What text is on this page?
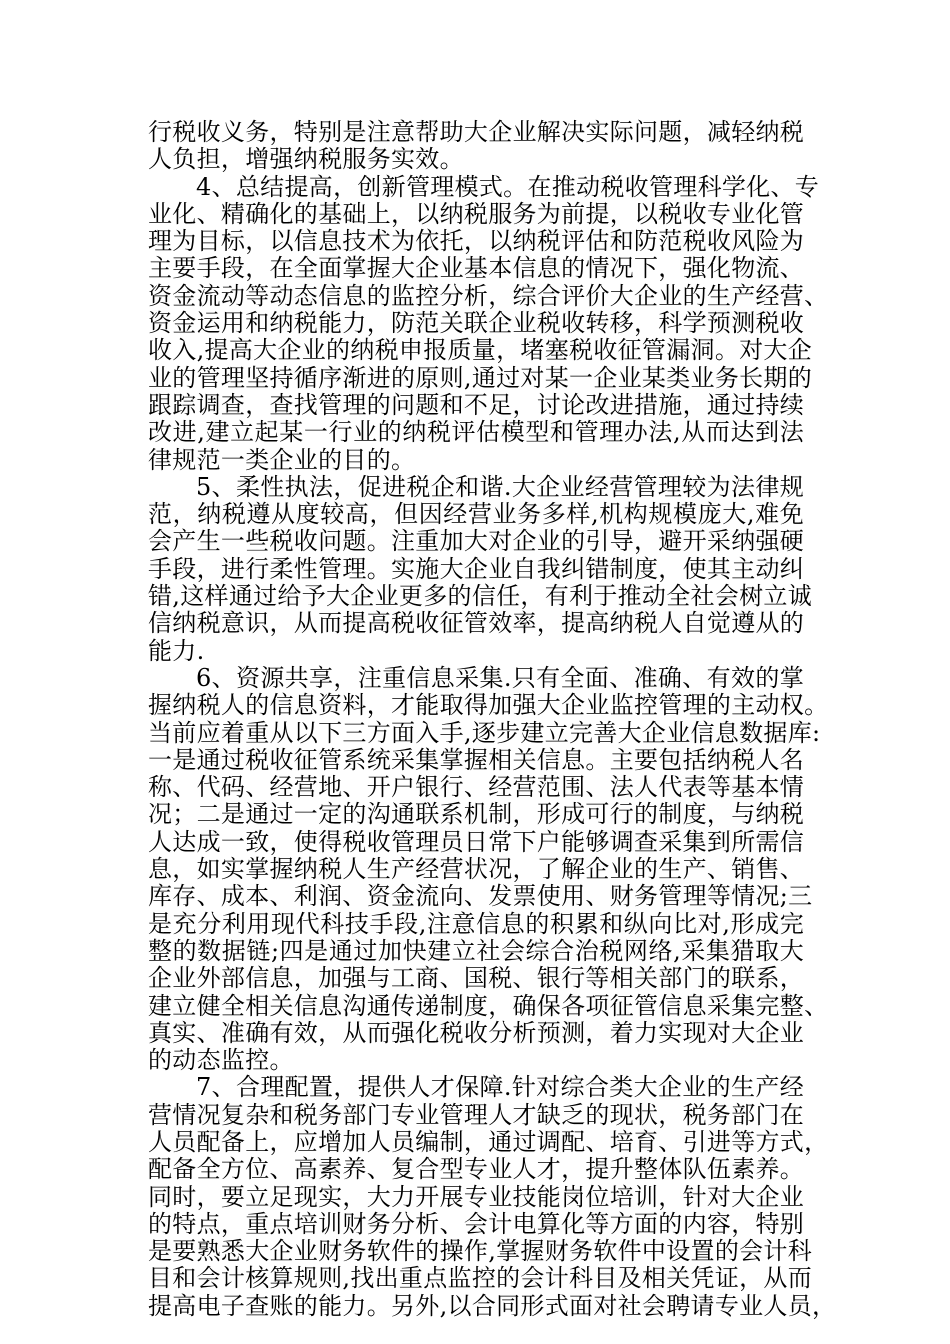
行税收义务，特别是注意帮助大企业解决实际问题，减轻纳税
人负担，增强纳税服务实效。
4、总结提高，创新管理模式。在推动税收管理科学化、专
业化、精确化的基础上，以纳税服务为前提，以税收专业化管
理为目标，以信息技术为依托，以纳税评估和防范税收风险为
主要手段，在全面掌握大企业基本信息的情况下，强化物流、
资金流动等动态信息的监控分析，综合评价大企业的生产经营、
资金运用和纳税能力，防范关联企业税收转移，科学预测税收
收入,提高大企业的纳税申报质量，堵塞税收征管漏洞。对大企
业的管理坚持循序渐进的原则,通过对某一企业某类业务长期的
跟踪调查，查找管理的问题和不足，讨论改进措施，通过持续
改进,建立起某一行业的纳税评估模型和管理办法,从而达到法
律规范一类企业的目的。
5、柔性执法，促进税企和谐.大企业经营管理较为法律规
范，纳税遵从度较高，但因经营业务多样,机构规模庞大,难免
会产生一些税收问题。注重加大对企业的引导，避开采纳强硬
手段，进行柔性管理。实施大企业自我纠错制度，使其主动纠
错,这样通过给予大企业更多的信任，有利于推动全社会树立诚
信纳税意识，从而提高税收征管效率，提高纳税人自觉遵从的
能力.
6、资源共享，注重信息采集.只有全面、准确、有效的掌
握纳税人的信息资料，才能取得加强大企业监控管理的主动权。
当前应着重从以下三方面入手,逐步建立完善大企业信息数据库:
一是通过税收征管系统采集掌握相关信息。主要包括纳税人名
称、代码、经营地、开户银行、经营范围、法人代表等基本情
况；二是通过一定的沟通联系机制，形成可行的制度，与纳税
人达成一致，使得税收管理员日常下户能够调查采集到所需信
息，如实掌握纳税人生产经营状况，了解企业的生产、销售、
库存、成本、利润、资金流向、发票使用、财务管理等情况;三
是充分利用现代科技手段,注意信息的积累和纵向比对,形成完
整的数据链;四是通过加快建立社会综合治税网络,采集猎取大
企业外部信息，加强与工商、国税、银行等相关部门的联系，
建立健全相关信息沟通传递制度，确保各项征管信息采集完整、
真实、准确有效，从而强化税收分析预测，着力实现对大企业
的动态监控。
7、合理配置，提供人才保障.针对综合类大企业的生产经
营情况复杂和税务部门专业管理人才缺乏的现状，税务部门在
人员配备上，应增加人员编制，通过调配、培育、引进等方式，
配备全方位、高素养、复合型专业人才，提升整体队伍素养。
同时，要立足现实，大力开展专业技能岗位培训，针对大企业
的特点，重点培训财务分析、会计电算化等方面的内容，特别
是要熟悉大企业财务软件的操作,掌握财务软件中设置的会计科
目和会计核算规则,找出重点监控的会计科目及相关凭证，从而
提高电子查账的能力。另外,以合同形式面对社会聘请专业人员，
